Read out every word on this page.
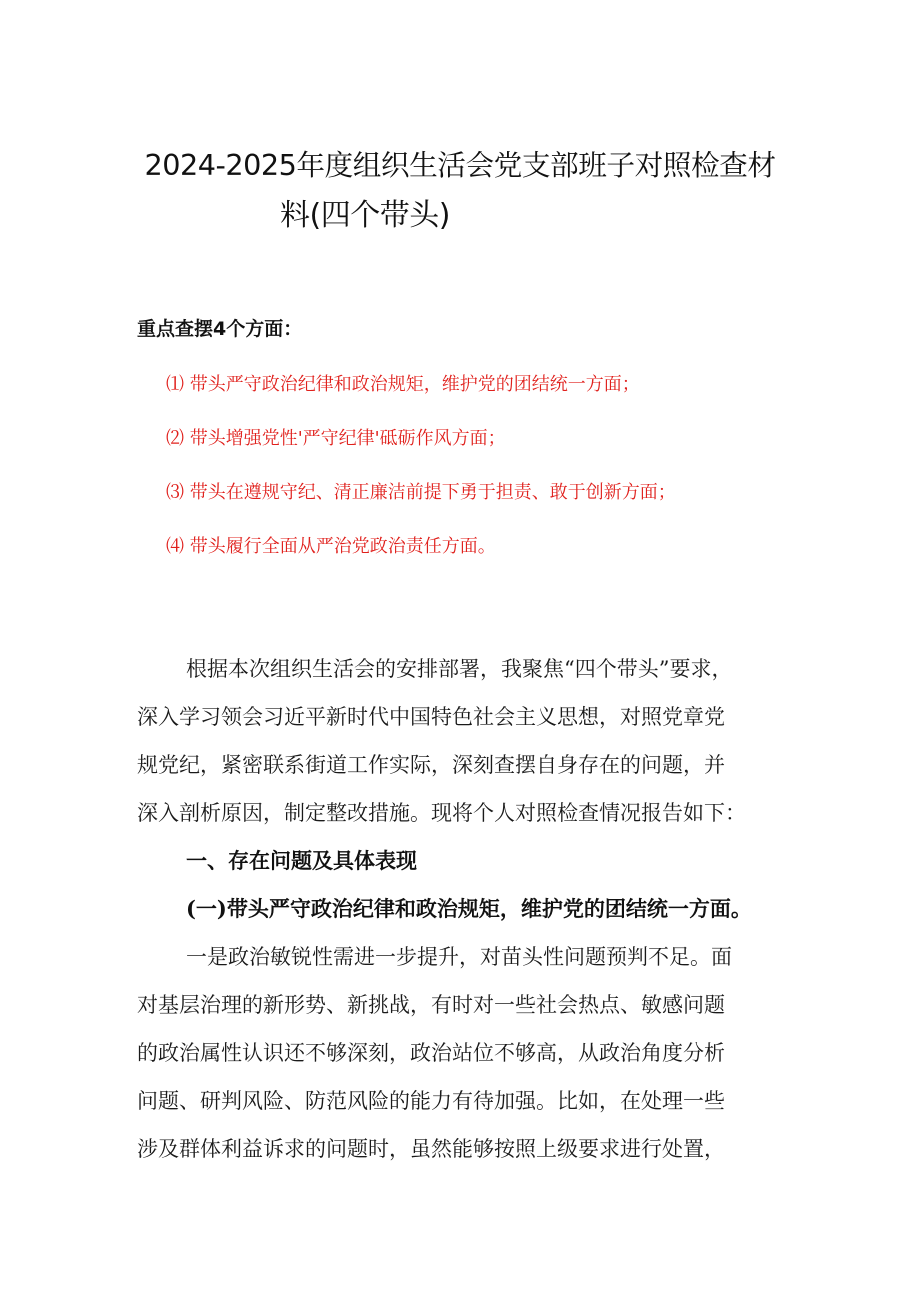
2024-2025年度组织生活会党支部班子对照检查材
料(四个带头)
重点查摆4个方面：
⑴ 带头严守政治纪律和政治规矩，维护党的团结统一方面；
⑵ 带头增强党性'严守纪律'砥砺作风方面；
⑶ 带头在遵规守纪、清正廉洁前提下勇于担责、敢于创新方面；
⑷ 带头履行全面从严治党政治责任方面。
根据本次组织生活会的安排部署，我聚焦“四个带头”要求，
深入学习领会习近平新时代中国特色社会主义思想，对照党章党
规党纪，紧密联系街道工作实际，深刻查摆自身存在的问题，并
深入剖析原因，制定整改措施。现将个人对照检查情况报告如下：
一、存在问题及具体表现
(一)带头严守政治纪律和政治规矩，维护党的团结统一方面。
一是政治敏锐性需进一步提升，对苗头性问题预判不足。面
对基层治理的新形势、新挑战，有时对一些社会热点、敏感问题
的政治属性认识还不够深刻，政治站位不够高，从政治角度分析
问题、研判风险、防范风险的能力有待加强。比如，在处理一些
涉及群体利益诉求的问题时，虽然能够按照上级要求进行处置，
